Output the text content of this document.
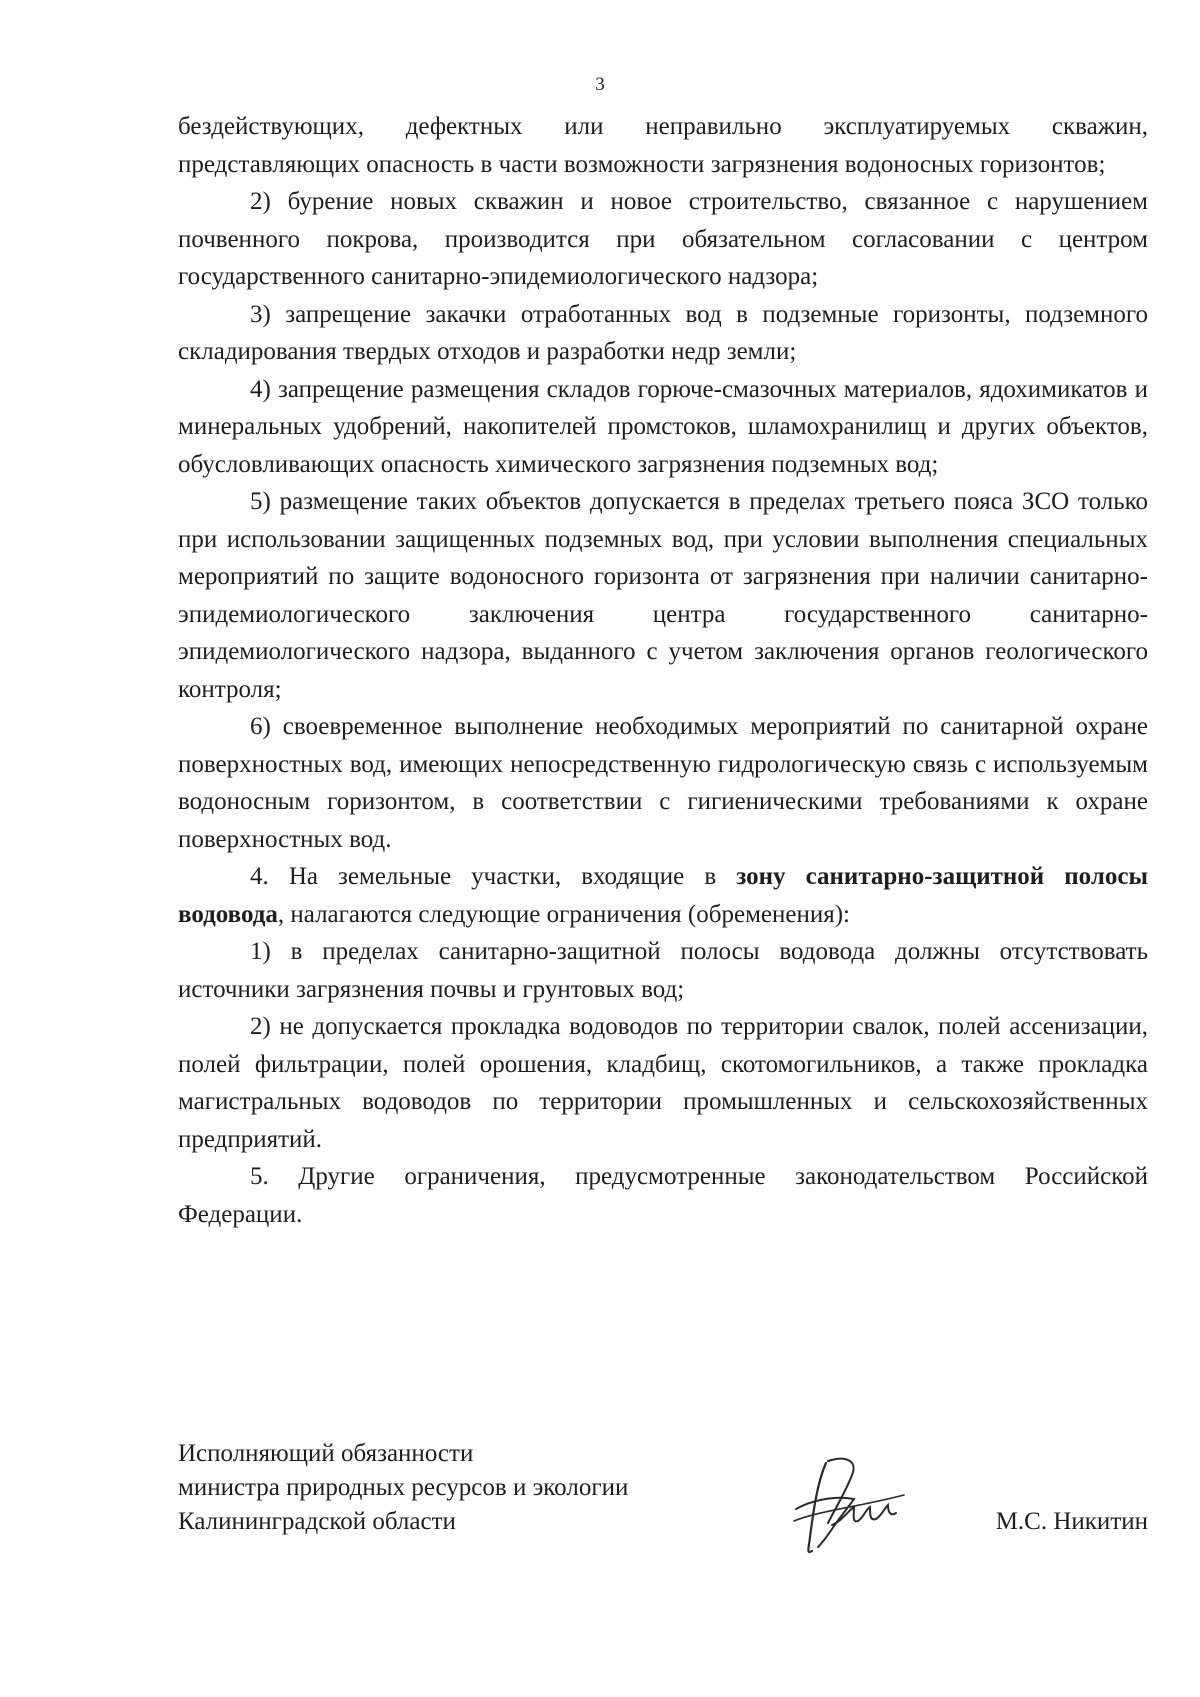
3

бездействующих, дефектных или неправильно эксплуатируемых скважин, представляющих опасность в части возможности загрязнения водоносных горизонтов;

2) бурение новых скважин и новое строительство, связанное с нарушением почвенного покрова, производится при обязательном согласовании с центром государственного санитарно-эпидемиологического надзора;

3) запрещение закачки отработанных вод в подземные горизонты, подземного складирования твердых отходов и разработки недр земли;

4) запрещение размещения складов горюче-смазочных материалов, ядохимикатов и минеральных удобрений, накопителей промстоков, шламохранилищ и других объектов, обусловливающих опасность химического загрязнения подземных вод;

5) размещение таких объектов допускается в пределах третьего пояса ЗСО только при использовании защищенных подземных вод, при условии выполнения специальных мероприятий по защите водоносного горизонта от загрязнения при наличии санитарно-эпидемиологического заключения центра государственного санитарно-эпидемиологического надзора, выданного с учетом заключения органов геологического контроля;

6) своевременное выполнение необходимых мероприятий по санитарной охране поверхностных вод, имеющих непосредственную гидрологическую связь с используемым водоносным горизонтом, в соответствии с гигиеническими требованиями к охране поверхностных вод.

4. На земельные участки, входящие в зону санитарно-защитной полосы водовода, налагаются следующие ограничения (обременения):

1) в пределах санитарно-защитной полосы водовода должны отсутствовать источники загрязнения почвы и грунтовых вод;

2) не допускается прокладка водоводов по территории свалок, полей ассенизации, полей фильтрации, полей орошения, кладбищ, скотомогильников, а также прокладка магистральных водоводов по территории промышленных и сельскохозяйственных предприятий.

5. Другие ограничения, предусмотренные законодательством Российской Федерации.

Исполняющий обязанности
министра природных ресурсов и экологии
Калининградской области	М.С. Никитин
